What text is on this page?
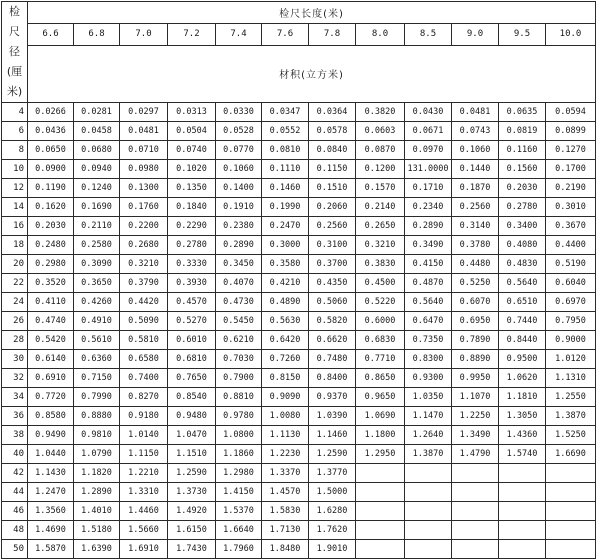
检
尺
径
(厘
米)	检尺长度(米)											
	6.6	6.8	7.0	7.2	7.4	7.6	7.8	8.0	8.5	9.0	9.5	10.0
	材积(立方米)											
4	0.0266	0.0281	0.0297	0.0313	0.0330	0.0347	0.0364	0.3820	0.0430	0.0481	0.0635	0.0594
6	0.0436	0.0458	0.0481	0.0504	0.0528	0.0552	0.0578	0.0603	0.0671	0.0743	0.0819	0.0899
8	0.0650	0.0680	0.0710	0.0740	0.0770	0.0810	0.0840	0.0870	0.0970	0.1060	0.1160	0.1270
10	0.0900	0.0940	0.0980	0.1020	0.1060	0.1110	0.1150	0.1200	131.0000	0.1440	0.1560	0.1700
12	0.1190	0.1240	0.1300	0.1350	0.1400	0.1460	0.1510	0.1570	0.1710	0.1870	0.2030	0.2190
14	0.1620	0.1690	0.1760	0.1840	0.1910	0.1990	0.2060	0.2140	0.2340	0.2560	0.2780	0.3010
16	0.2030	0.2110	0.2200	0.2290	0.2380	0.2470	0.2560	0.2650	0.2890	0.3140	0.3400	0.3670
18	0.2480	0.2580	0.2680	0.2780	0.2890	0.3000	0.3100	0.3210	0.3490	0.3780	0.4080	0.4400
20	0.2980	0.3090	0.3210	0.3330	0.3450	0.3580	0.3700	0.3830	0.4150	0.4480	0.4830	0.5190
22	0.3520	0.3650	0.3790	0.3930	0.4070	0.4210	0.4350	0.4500	0.4870	0.5250	0.5640	0.6040
24	0.4110	0.4260	0.4420	0.4570	0.4730	0.4890	0.5060	0.5220	0.5640	0.6070	0.6510	0.6970
26	0.4740	0.4910	0.5090	0.5270	0.5450	0.5630	0.5820	0.6000	0.6470	0.6950	0.7440	0.7950
28	0.5420	0.5610	0.5810	0.6010	0.6210	0.6420	0.6620	0.6830	0.7350	0.7890	0.8440	0.9000
30	0.6140	0.6360	0.6580	0.6810	0.7030	0.7260	0.7480	0.7710	0.8300	0.8890	0.9500	1.0120
32	0.6910	0.7150	0.7400	0.7650	0.7900	0.8150	0.8400	0.8650	0.9300	0.9950	1.0620	1.1310
34	0.7720	0.7990	0.8270	0.8540	0.8810	0.9090	0.9370	0.9650	1.0350	1.1070	1.1810	1.2550
36	0.8580	0.8880	0.9180	0.9480	0.9780	1.0080	1.0390	1.0690	1.1470	1.2250	1.3050	1.3870
38	0.9490	0.9810	1.0140	1.0470	1.0800	1.1130	1.1460	1.1800	1.2640	1.3490	1.4360	1.5250
40	1.0440	1.0790	1.1150	1.1510	1.1860	1.2230	1.2590	1.2950	1.3870	1.4790	1.5740	1.6690
42	1.1430	1.1820	1.2210	1.2590	1.2980	1.3370	1.3770					
44	1.2470	1.2890	1.3310	1.3730	1.4150	1.4570	1.5000					
46	1.3560	1.4010	1.4460	1.4920	1.5370	1.5830	1.6280					
48	1.4690	1.5180	1.5660	1.6150	1.6640	1.7130	1.7620					
50	1.5870	1.6390	1.6910	1.7430	1.7960	1.8480	1.9010					
